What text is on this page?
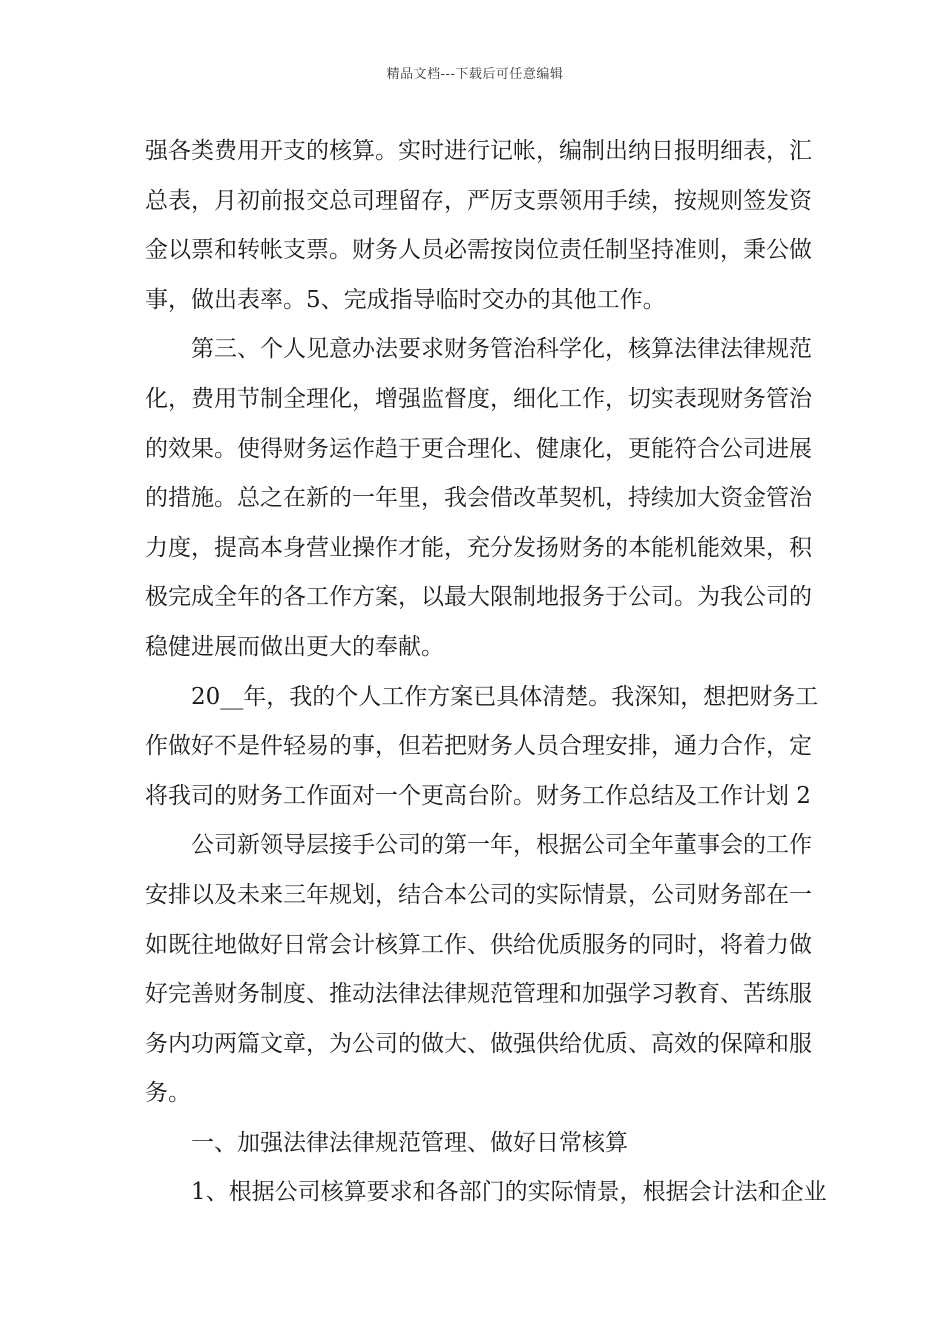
精品文档---下载后可任意编辑
强各类费用开支的核算。实时进行记帐，编制出纳日报明细表，汇
总表，月初前报交总司理留存，严厉支票领用手续，按规则签发资
金以票和转帐支票。财务人员必需按岗位责任制坚持准则，秉公做
事，做出表率。5、完成指导临时交办的其他工作。
第三、个人见意办法要求财务管治科学化，核算法律法律规范
化，费用节制全理化，增强监督度，细化工作，切实表现财务管治
的效果。使得财务运作趋于更合理化、健康化，更能符合公司进展
的措施。总之在新的一年里，我会借改革契机，持续加大资金管治
力度，提高本身营业操作才能，充分发扬财务的本能机能效果，积
极完成全年的各工作方案，以最大限制地报务于公司。为我公司的
稳健进展而做出更大的奉献。
20__年，我的个人工作方案已具体清楚。我深知，想把财务工
作做好不是件轻易的事，但若把财务人员合理安排，通力合作，定
将我司的财务工作面对一个更高台阶。财务工作总结及工作计划 2
公司新领导层接手公司的第一年，根据公司全年董事会的工作
安排以及未来三年规划，结合本公司的实际情景，公司财务部在一
如既往地做好日常会计核算工作、供给优质服务的同时，将着力做
好完善财务制度、推动法律法律规范管理和加强学习教育、苦练服
务内功两篇文章，为公司的做大、做强供给优质、高效的保障和服
务。
一、加强法律法律规范管理、做好日常核算
1、根据公司核算要求和各部门的实际情景，根据会计法和企业
